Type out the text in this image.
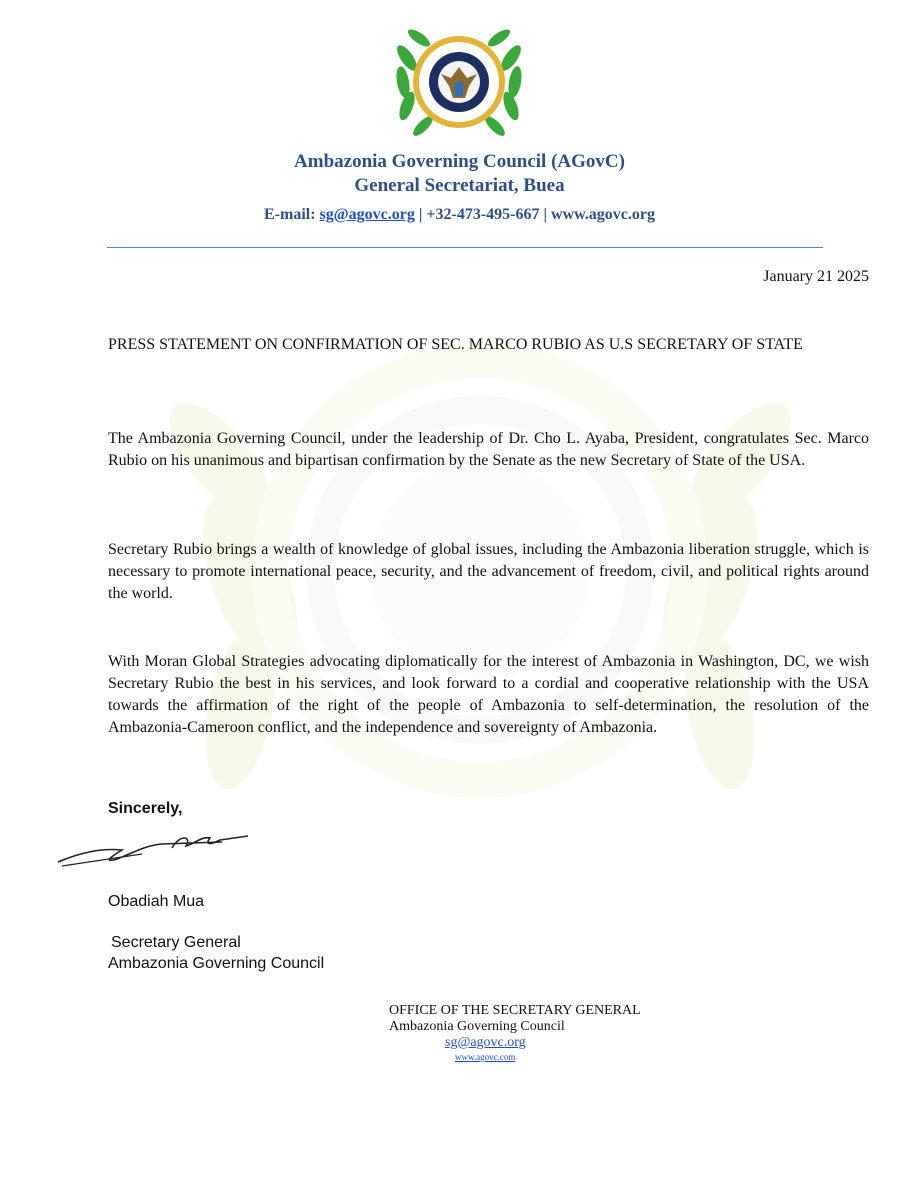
Ambazonia Governing Council (AGovC)
General Secretariat, Buea
E-mail: sg@agovc.org | +32-473-495-667 | www.agovc.org
January 21 2025

PRESS STATEMENT ON CONFIRMATION OF SEC. MARCO RUBIO AS U.S SECRETARY OF STATE

The Ambazonia Governing Council, under the leadership of Dr. Cho L. Ayaba, President, congratulates Sec. Marco Rubio on his unanimous and bipartisan confirmation by the Senate as the new Secretary of State of the USA.

Secretary Rubio brings a wealth of knowledge of global issues, including the Ambazonia liberation struggle, which is necessary to promote international peace, security, and the advancement of freedom, civil, and political rights around the world.

With Moran Global Strategies advocating diplomatically for the interest of Ambazonia in Washington, DC, we wish Secretary Rubio the best in his services, and look forward to a cordial and cooperative relationship with the USA towards the affirmation of the right of the people of Ambazonia to self-determination, the resolution of the Ambazonia-Cameroon conflict, and the independence and sovereignty of Ambazonia.

Sincerely,
Obadiah Mua
Secretary General
Ambazonia Governing Council
OFFICE OF THE SECRETARY GENERAL
Ambazonia Governing Council
sg@agovc.org
www.agovc.com
